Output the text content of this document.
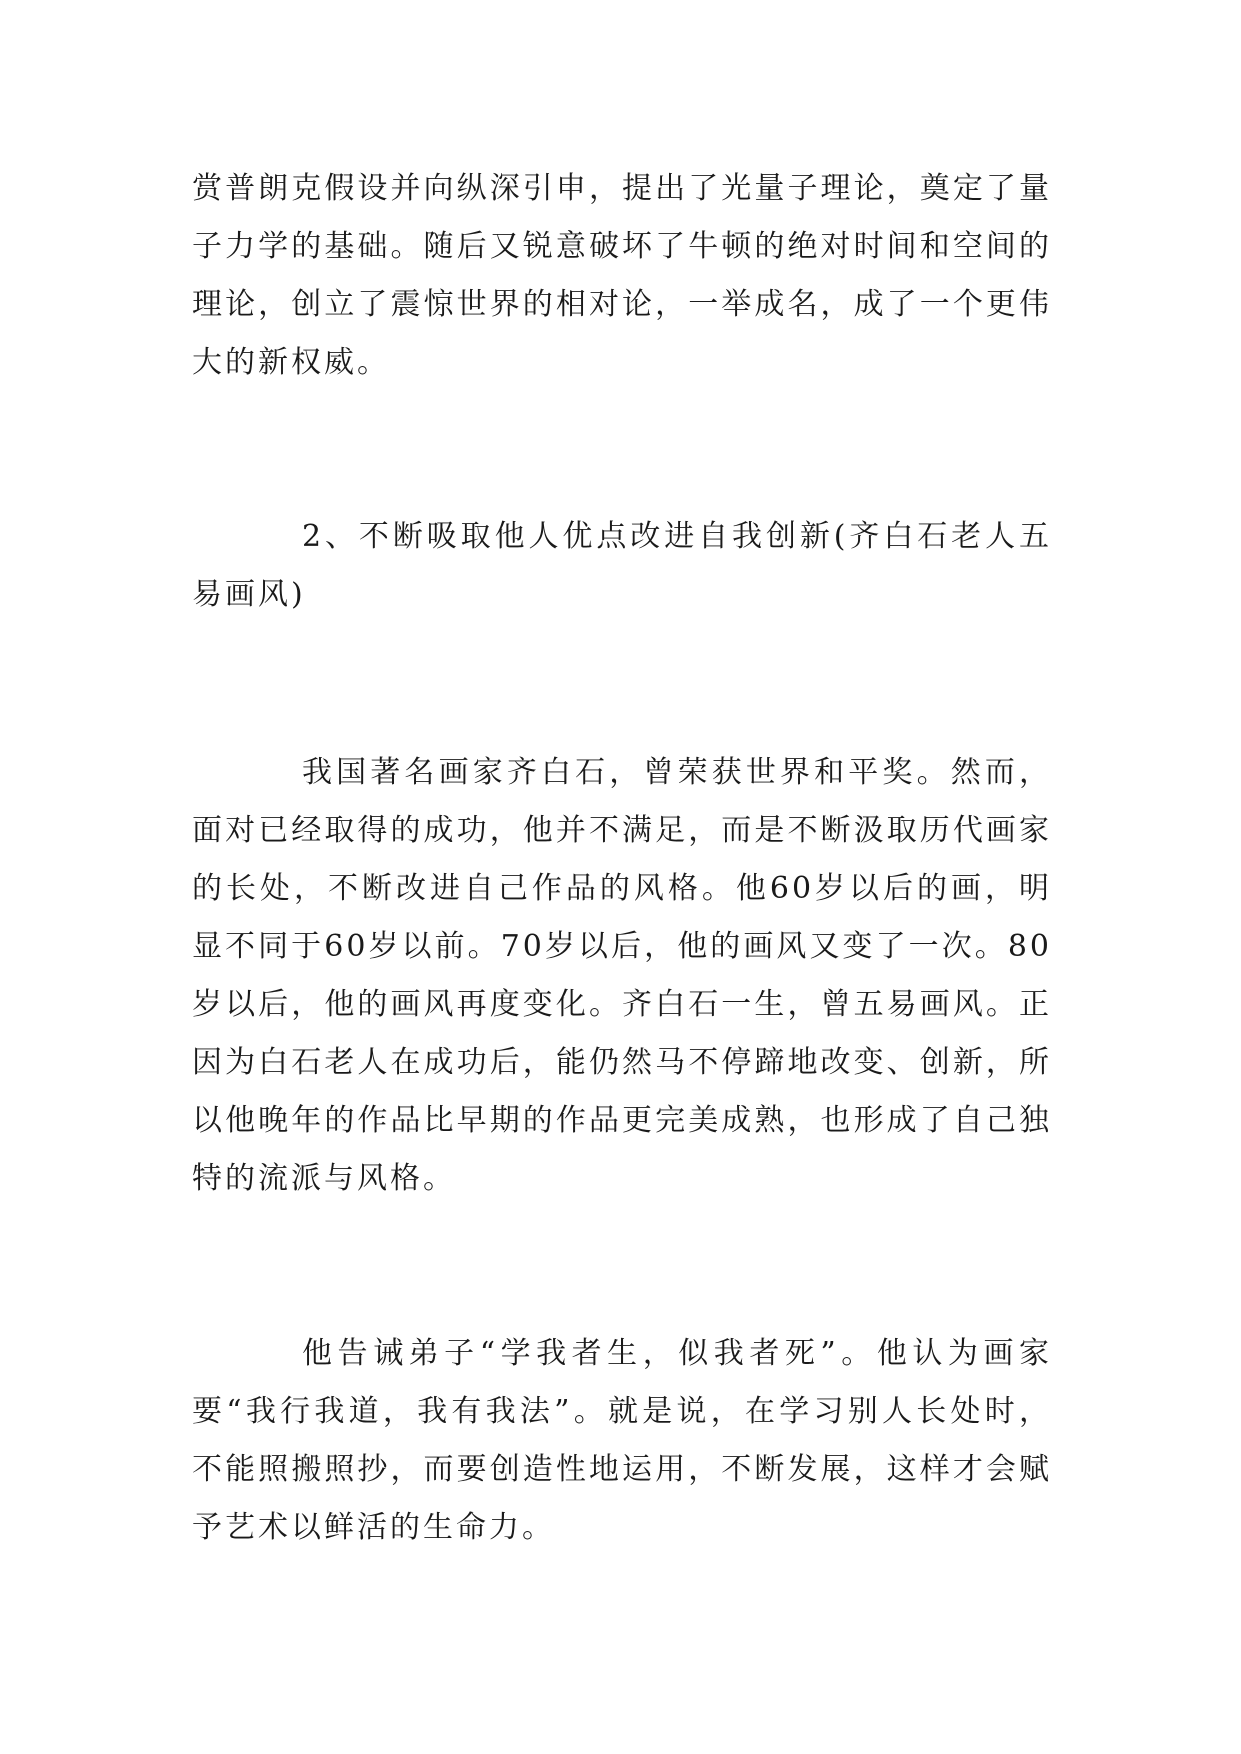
赏普朗克假设并向纵深引申，提出了光量子理论，奠定了量子力学的基础。随后又锐意破坏了牛顿的绝对时间和空间的理论，创立了震惊世界的相对论，一举成名，成了一个更伟大的新权威。

2、不断吸取他人优点改进自我创新(齐白石老人五易画风)

我国著名画家齐白石，曾荣获世界和平奖。然而，面对已经取得的成功，他并不满足，而是不断汲取历代画家的长处，不断改进自己作品的风格。他60岁以后的画，明显不同于60岁以前。70岁以后，他的画风又变了一次。80岁以后，他的画风再度变化。齐白石一生，曾五易画风。正因为白石老人在成功后，能仍然马不停蹄地改变、创新，所以他晚年的作品比早期的作品更完美成熟，也形成了自己独特的流派与风格。

他告诫弟子“学我者生，似我者死”。他认为画家要“我行我道，我有我法”。就是说，在学习别人长处时，不能照搬照抄，而要创造性地运用，不断发展，这样才会赋予艺术以鲜活的生命力。
